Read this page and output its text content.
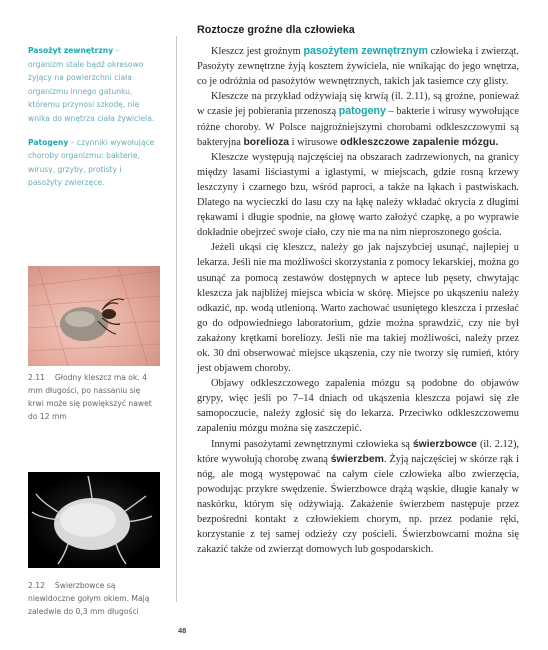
Pasożyt zewnętrzny – organizm stale bądź okresowo żyjący na powierzchni ciała organizmu innego gatunku, któremu przynosi szkodę, nie wnika do wnętrza ciała żywiciela.
Patogeny – czynniki wywołujące choroby organizmu: bakterie, wirusy, grzyby, protisty i pasożyty zwierzęce.
2.11 Głodny kleszcz ma ok. 4 mm długości, po nassaniu się krwi może się powiększyć nawet do 12 mm
2.12 Świerzbowce są niewidoczne gołym okiem. Mają zaledwie do 0,3 mm długości
Roztocze groźne dla człowieka

Kleszcz jest groźnym pasożytem zewnętrznym człowieka i zwierząt. Pasożyty zewnętrzne żyją kosztem żywiciela, nie wnikając do jego wnętrza, co je odróżnia od pasożytów wewnętrznych, takich jak tasiemce czy glisty.

Kleszcze na przykład odżywiają się krwią (il. 2.11), są groźne, ponieważ w czasie jej pobierania przenoszą patogeny – bakterie i wirusy wywołujące różne choroby. W Polsce najgroźniejszymi chorobami odkleszczowymi są bakteryjna borelioza i wirusowe odkleszczowe zapalenie mózgu.

Kleszcze występują najczęściej na obszarach zadrzewionych, na granicy między lasami liściastymi a iglastymi, w miejscach, gdzie rosną krzewy leszczyny i czarnego bzu, wśród paproci, a także na łąkach i pastwiskach. Dlatego na wycieczki do lasu czy na łąkę należy wkładać okrycia z długimi rękawami i długie spodnie, na głowę warto założyć czapkę, a po wyprawie dokładnie obejrzeć swoje ciało, czy nie ma na nim nieproszonego gościa.

Jeżeli ukąsi cię kleszcz, należy go jak najszybciej usunąć, najlepiej u lekarza. Jeśli nie ma możliwości skorzystania z pomocy lekarskiej, można go usunąć za pomocą zestawów dostępnych w aptece lub pęsety, chwytając kleszcza jak najbliżej miejsca wbicia w skórę. Miejsce po ukąszeniu należy odkazić, np. wodą utlenioną. Warto zachować usuniętego kleszcza i przesłać go do odpowiedniego laboratorium, gdzie można sprawdzić, czy nie był zakażony krętkami boreliozy. Jeśli nie ma takiej możliwości, należy przez ok. 30 dni obserwować miejsce ukąszenia, czy nie tworzy się rumień, który jest objawem choroby.

Objawy odkleszczowego zapalenia mózgu są podobne do objawów grypy, więc jeśli po 7–14 dniach od ukąszenia kleszcza pojawi się złe samopoczucie, należy zgłosić się do lekarza. Przeciwko odkleszczowemu zapaleniu mózgu można się zaszczepić.

Innymi pasożytami zewnętrznymi człowieka są świerzbowce (il. 2.12), które wywołują chorobę zwaną świerzbem. Żyją najczęściej w skórze rąk i nóg, ale mogą występować na całym ciele człowieka albo zwierzęcia, powodując przykre swędzenie. Świerzbowce drążą wąskie, długie kanały w naskórku, którym się odżywiają. Zakażenie świerzbem następuje przez bezpośredni kontakt z człowiekiem chorym, np. przez podanie ręki, korzystanie z tej samej odzieży czy pościeli. Świerzbowcami można się zakazić także od zwierząt domowych lub gospodarskich.

48
